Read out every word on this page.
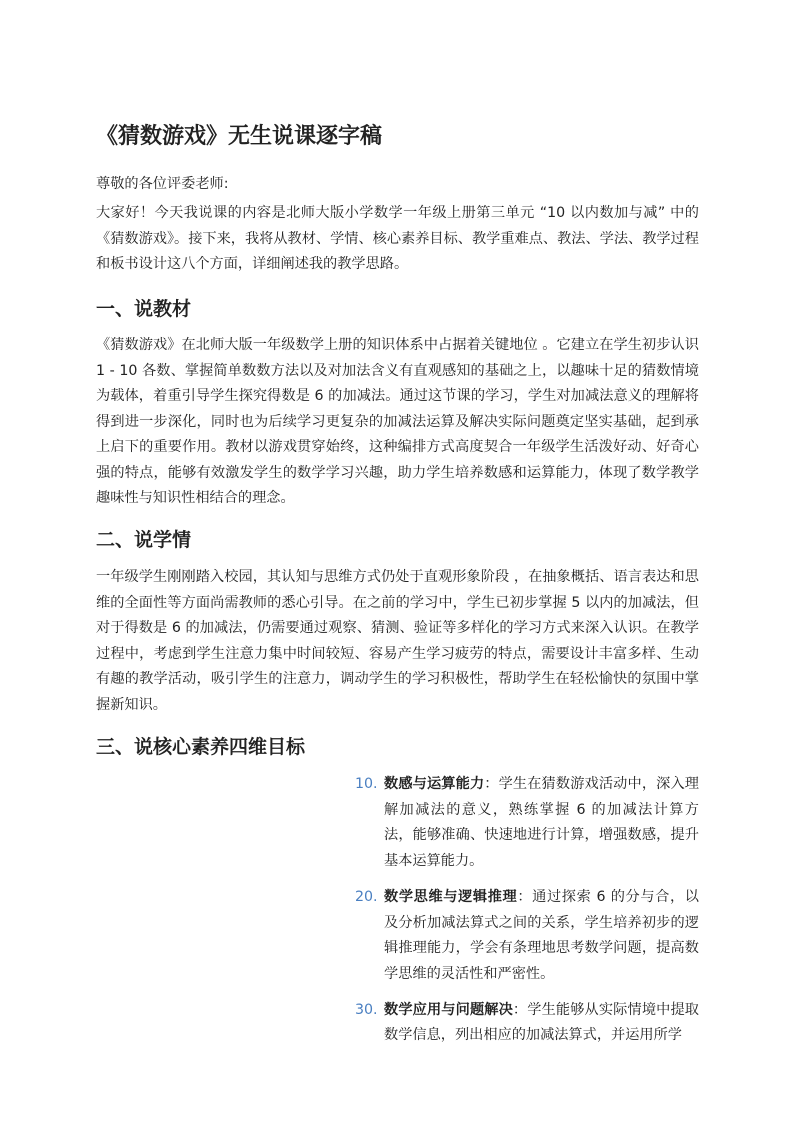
《猜数游戏》无生说课逐字稿

尊敬的各位评委老师:

大家好！今天我说课的内容是北师大版小学数学一年级上册第三单元 “10 以内数加与减” 中的《猜数游戏》。接下来，我将从教材、学情、核心素养目标、教学重难点、教法、学法、教学过程和板书设计这八个方面，详细阐述我的教学思路。

一、说教材

《猜数游戏》在北师大版一年级数学上册的知识体系中占据着关键地位 。它建立在学生初步认识 1 - 10 各数、掌握简单数数方法以及对加法含义有直观感知的基础之上，以趣味十足的猜数情境为载体，着重引导学生探究得数是 6 的加减法。通过这节课的学习，学生对加减法意义的理解将得到进一步深化，同时也为后续学习更复杂的加减法运算及解决实际问题奠定坚实基础，起到承上启下的重要作用。教材以游戏贯穿始终，这种编排方式高度契合一年级学生活泼好动、好奇心强的特点，能够有效激发学生的数学学习兴趣，助力学生培养数感和运算能力，体现了数学教学趣味性与知识性相结合的理念。

二、说学情

一年级学生刚刚踏入校园，其认知与思维方式仍处于直观形象阶段 ，在抽象概括、语言表达和思维的全面性等方面尚需教师的悉心引导。在之前的学习中，学生已初步掌握 5 以内的加减法，但对于得数是 6 的加减法，仍需要通过观察、猜测、验证等多样化的学习方式来深入认识。在教学过程中，考虑到学生注意力集中时间较短、容易产生学习疲劳的特点，需要设计丰富多样、生动有趣的教学活动，吸引学生的注意力，调动学生的学习积极性，帮助学生在轻松愉快的氛围中掌握新知识。

三、说核心素养四维目标
10. 数感与运算能力：学生在猜数游戏活动中，深入理解加减法的意义，熟练掌握 6 的加减法计算方法，能够准确、快速地进行计算，增强数感，提升基本运算能力。
20. 数学思维与逻辑推理：通过探索 6 的分与合，以及分析加减法算式之间的关系，学生培养初步的逻辑推理能力，学会有条理地思考数学问题，提高数学思维的灵活性和严密性。
30. 数学应用与问题解决：学生能够从实际情境中提取数学信息，列出相应的加减法算式，并运用所学
